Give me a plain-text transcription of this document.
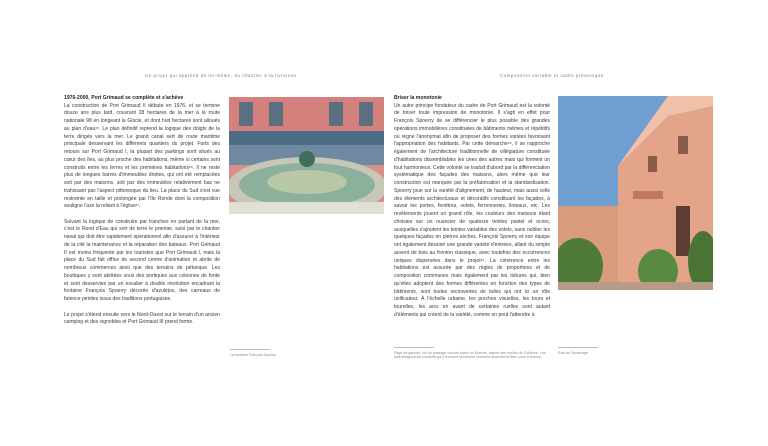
Un projet qui apprend de lui-même, du chantier à la livraison	Composition variable et cadre pittoresque
1976-2000, Port Grimaud se complète et s'achève

La construction de Port Grimaud II débute en 1976, et se termine douze ans plus tard, couvrant 28 hectares de la mer à la route nationale 98 en longeant la Giscle, et dont huit hectares sont alloués au plan d'eau¹⁵. Le plan définitif reprend la logique des doigts de la terre dirigés vers la mer. Le grand canal sert de route maritime principale desservant les différents quartiers du projet. Forts des retours sur Port Grimaud I, la plupart des parkings sont situés au cœur des îles, au plus proche des habitations, même si certains sont construits entre les terres et les premières habitations¹⁶. Il ne reste plus de longues barres d'immeubles droites, qui ont été remplacées soit par des maisons, soit par des immeubles relativement bas ne trahissant pas l'aspect pittoresque du lieu. La place du Sud s'est vue restreinte en taille et prolongée par l'île Ronde dont la composition souligne l'axe la reliant à l'église¹⁷.

Suivant la logique de construire par tranches en partant de la mer, c'est le Rond d'Eau qui sort de terre le premier, suivi par le chantier naval qui doit être rapidement opérationnel afin d'assurer à l'intérieur de la cité la maintenance et la réparation des bateaux. Port Grimaud II est moins fréquenté par les touristes que Port Grimaud I, mais la place du Sud fait office de second centre d'animation et abrite de nombreux commerces ainsi que des terrains de pétanque. Les boutiques y sont abritées sous des portiques aux colonnes de fonte et sont desservies par un escalier à double révolution encadrant la fontaine François Spoerry décorée d'azulejos, des carreaux de faïence peintes issus des traditions portugaises.

Le projet s'étend ensuite vers le Nord-Ouest sur le terrain d'un ancien camping et des vignobles et Port Grimaud III prend forme.

Briser la monotonie

Un autre principe fondateur du cadre de Port Grimaud est la volonté de briser toute impression de monotonie. Il s'agit en effet pour François Spoerry de se différencier le plus possible des grandes opérations immobilières constituées de bâtiments mêmes et répétitifs où règne l'anonymat afin de proposer des formes variées favorisant l'appropriation des habitants. Par cette démarche¹⁸, il se rapproche également de l'architecture traditionnelle de villégiature constituée d'habitations dissemblables les unes des autres mais qui forment un tout harmonieux. Cette volonté se traduit d'abord par la différenciation systématique des façades des maisons, alors même que leur construction est marquée par la préfabrication et la standardisation. Spoerry joue sur la variété d'alignement, de hauteur, mais aussi celle des éléments architecturaux et décoratifs constituant les façades, à savoir les portes, fenêtres, volets, ferronneries, linteaux, etc. Les revêtements jouent un grand rôle, les couleurs des maisons étant choisies sur un nuancier de quatorze teintes pastel et ocres, auxquelles s'ajoutent les teintes variables des volets, sans oublier les quelques façades en pierres sèches. François Spoerry et son équipe ont également dessiné une grande variété d'entrées, allant du simple auvent de bois au fronton classique, avec toutefois des occurrences uniques dispersées dans le projet¹⁹. La cohérence entre les habitations est assurée par des règles de proportions et de composition communes mais également par les toitures qui, bien qu'elles adoptent des formes différentes en fonction des types de bâtiments, sont toutes recouvertes de tuiles qui ont ici un rôle unificateur. À l'échelle urbaine, les porches visuelles, les tours et tourelles, les arcs en avant de certaines ruelles sont autant d'éléments qui créent de la variété, comme on peut l'attendre à

La fontaine François Spoerry	Page de gauche, vol du passage couvert place du Marché, inspiré des ruelles de Collioure. Les toits intégrant les conduits qui y trouvent forcément conduits ramenant la fleur pour le fleuron
Rue de l'Amarrage
